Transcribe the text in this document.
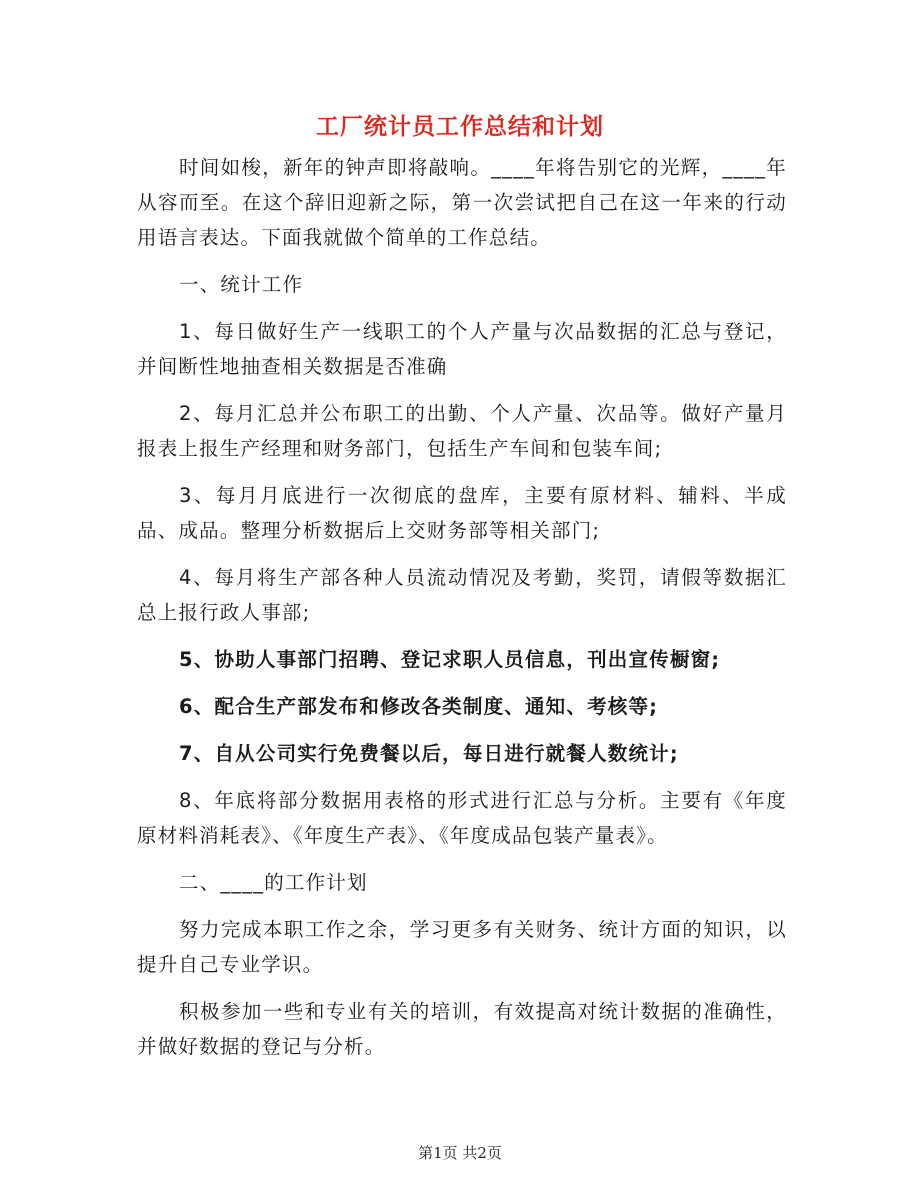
工厂统计员工作总结和计划

时间如梭，新年的钟声即将敲响。____年将告别它的光辉，____年从容而至。在这个辞旧迎新之际，第一次尝试把自己在这一年来的行动用语言表达。下面我就做个简单的工作总结。

一、统计工作

1、每日做好生产一线职工的个人产量与次品数据的汇总与登记，并间断性地抽查相关数据是否准确

2、每月汇总并公布职工的出勤、个人产量、次品等。做好产量月报表上报生产经理和财务部门，包括生产车间和包装车间;

3、每月月底进行一次彻底的盘库，主要有原材料、辅料、半成品、成品。整理分析数据后上交财务部等相关部门;

4、每月将生产部各种人员流动情况及考勤，奖罚，请假等数据汇总上报行政人事部;

5、协助人事部门招聘、登记求职人员信息，刊出宣传橱窗;

6、配合生产部发布和修改各类制度、通知、考核等;

7、自从公司实行免费餐以后，每日进行就餐人数统计;

8、年底将部分数据用表格的形式进行汇总与分析。主要有《年度原材料消耗表》、《年度生产表》、《年度成品包装产量表》。

二、____的工作计划

努力完成本职工作之余，学习更多有关财务、统计方面的知识，以提升自己专业学识。

积极参加一些和专业有关的培训，有效提高对统计数据的准确性，并做好数据的登记与分析。

第1页 共2页
